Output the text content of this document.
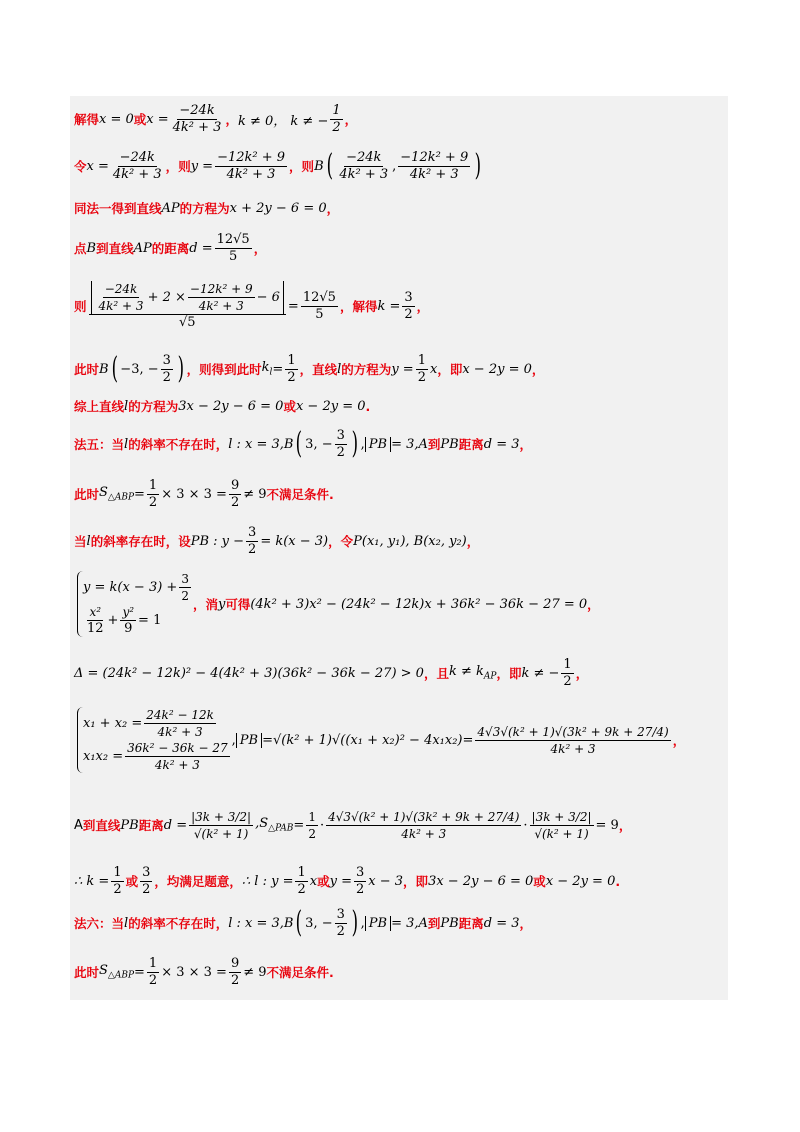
解得 x = 0 或 $x = \frac{-24k}{\text{4k² + 3}}$ ， k ≠ 0， k ≠ − $\frac{1}{2}$ ，
令 $x = \frac{-24k}{\text{4k² + 3}}$ ， 则 $y = \frac{\text{−12k² + 9}}{\text{4k² + 3}}$ ， 则 B ( $\frac{-24k}{\text{4k² + 3}}$ , $\frac{\text{−12k² + 9}}{\text{4k² + 3}}$ )
同法一得到直线 AP 的方程为 x + 2y − 6 = 0 ，
点 B 到直线 AP 的距离 $d = \frac{12√5}{5}$ ，
则 $\frac{-24k}{\text{4k² + 3}} + 2 \times \frac{\text{−12k² + 9}}{\text{4k² + 3}} - 6$
√5
= $\frac{12√5}{5}$ ，解得 $k = \frac{3}{2}$ ，
此时 B ( −3, − $\frac{3}{2}$ ) ，则得到此时 $k_l = \frac{1}{2}$ ，直线 l 的方程为 $y = \frac{1}{2}$ x ，即 x − 2y = 0 ，
综上直线 l 的方程为 3x − 2y − 6 = 0 或 x − 2y = 0 .
法五：当 l 的斜率不存在时， l : x = 3,B ( 3, − $\frac{3}{2}$ ) , PB = 3,A 到 PB 距离 d = 3 ，
此时 $S_{\triangle ABP} = \frac{1}{2} \times 3 \times 3 = \frac{9}{2} \ne 9$ 不满足条件.
当 l 的斜率存在时，设 PB : $y - \frac{3}{2} = k(x - 3)$ ，令 P(x₁, y₁), B(x₂, y₂) ，
$y = k(x - 3) + \frac{3}{2}$
$\frac{\text{x²}}{12} + \frac{\text{y²}}{9} = 1$
，消 y 可得 (4k² + 3)x² − (24k² − 12k)x + 36k² − 36k − 27 = 0 ，
Δ = (24k² − 12k)² − 4(4k² + 3)(36k² − 36k − 27) > 0 ，且 $k \ne k_{AP}$ ，即 k ≠ − $\frac{1}{2}$ ，
$x_1 + x_2 = \frac{\text{24k² − 12k}}{\text{4k² + 3}}$
$x_1x_2 = \frac{\text{36k² − 36k − 27}}{\text{4k² + 3}}$ , PB = √(k² + 1) $√((x_1 + x_2)^2 - 4x_1x_2) = \frac{\text{4√3√(k² + 1)√(3k² + 9k + 27/4)}}{\text{4k² + 3}}$ ，
A 到直线 PB 距离 $d = \frac{|3k + 3/2|}{\text{√(k² + 1)}} ,S_{\triangle PAB} = \frac{1}{2} \cdot \frac{\text{4√3√(k² + 1)√(3k² + 9k + 27/4)}}{\text{4k² + 3}} \cdot \frac{|3k + 3/2|}{\text{√(k² + 1)}} = 9$ ，
∴ $k = \frac{1}{2}$ 或 $\frac{3}{2}$ ，均满足题意， ∴ l : $y = \frac{1}{2}$ x 或 $y = \frac{3}{2}$ x − 3 ，即 3x − 2y − 6 = 0 或 x − 2y = 0 .
法六：当 l 的斜率不存在时， l : x = 3,B ( 3, − $\frac{3}{2}$ ) , PB = 3,A 到 PB 距离 d = 3 ，
此时 $S_{\triangle ABP} = \frac{1}{2} \times 3 \times 3 = \frac{9}{2} \ne 9$ 不满足条件.
